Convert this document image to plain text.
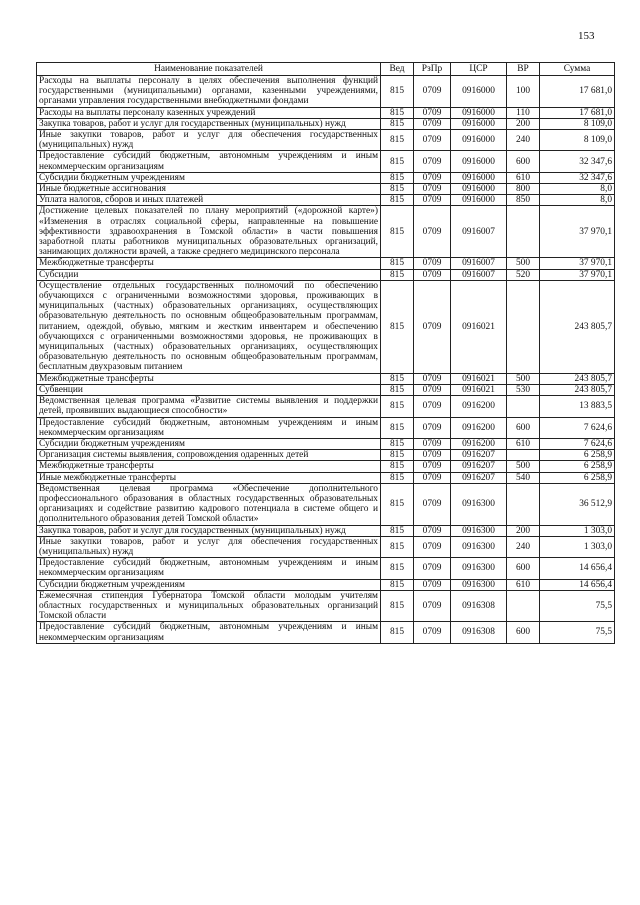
153
Наименование показателей	Вед	РзПр	ЦСР	ВР	Сумма
Расходы на выплаты персоналу в целях обеспечения выполнения функций государственными (муниципальными) органами, казенными учреждениями, органами управления государственными внебюджетными фондами	815	0709	0916000	100	17 681,0
Расходы на выплаты персоналу казенных учреждений	815	0709	0916000	110	17 681,0
Закупка товаров, работ и услуг для государственных (муниципальных) нужд	815	0709	0916000	200	8 109,0
Иные закупки товаров, работ и услуг для обеспечения государственных (муниципальных) нужд	815	0709	0916000	240	8 109,0
Предоставление субсидий бюджетным, автономным учреждениям и иным некоммерческим организациям	815	0709	0916000	600	32 347,6
Субсидии бюджетным учреждениям	815	0709	0916000	610	32 347,6
Иные бюджетные ассигнования	815	0709	0916000	800	8,0
Уплата налогов, сборов и иных платежей	815	0709	0916000	850	8,0
Достижение целевых показателей по плану мероприятий («дорожной карте») «Изменения в отраслях социальной сферы, направленные на повышение эффективности здравоохранения в Томской области» в части повышения заработной платы работников муниципальных образовательных организаций, занимающих должности врачей, а также среднего медицинского персонала	815	0709	0916007		37 970,1
Межбюджетные трансферты	815	0709	0916007	500	37 970,1
Субсидии	815	0709	0916007	520	37 970,1
Осуществление отдельных государственных полномочий по обеспечению обучающихся с ограниченными возможностями здоровья, проживающих в муниципальных (частных) образовательных организациях, осуществляющих образовательную деятельность по основным общеобразовательным программам, питанием, одеждой, обувью, мягким и жестким инвентарем и обеспечению обучающихся с ограниченными возможностями здоровья, не проживающих в муниципальных (частных) образовательных организациях, осуществляющих образовательную деятельность по основным общеобразовательным программам, бесплатным двухразовым питанием	815	0709	0916021		243 805,7
Межбюджетные трансферты	815	0709	0916021	500	243 805,7
Субвенции	815	0709	0916021	530	243 805,7
Ведомственная целевая программа «Развитие системы выявления и поддержки детей, проявивших выдающиеся способности»	815	0709	0916200		13 883,5
Предоставление субсидий бюджетным, автономным учреждениям и иным некоммерческим организациям	815	0709	0916200	600	7 624,6
Субсидии бюджетным учреждениям	815	0709	0916200	610	7 624,6
Организация системы выявления, сопровождения одаренных детей	815	0709	0916207		6 258,9
Межбюджетные трансферты	815	0709	0916207	500	6 258,9
Иные межбюджетные трансферты	815	0709	0916207	540	6 258,9
Ведомственная целевая программа «Обеспечение дополнительного профессионального образования в областных государственных образовательных организациях и содействие развитию кадрового потенциала в системе общего и дополнительного образования детей Томской области»	815	0709	0916300		36 512,9
Закупка товаров, работ и услуг для государственных (муниципальных) нужд	815	0709	0916300	200	1 303,0
Иные закупки товаров, работ и услуг для обеспечения государственных (муниципальных) нужд	815	0709	0916300	240	1 303,0
Предоставление субсидий бюджетным, автономным учреждениям и иным некоммерческим организациям	815	0709	0916300	600	14 656,4
Субсидии бюджетным учреждениям	815	0709	0916300	610	14 656,4
Ежемесячная стипендия Губернатора Томской области молодым учителям областных государственных и муниципальных образовательных организаций Томской области	815	0709	0916308		75,5
Предоставление субсидий бюджетным, автономным учреждениям и иным некоммерческим организациям	815	0709	0916308	600	75,5
